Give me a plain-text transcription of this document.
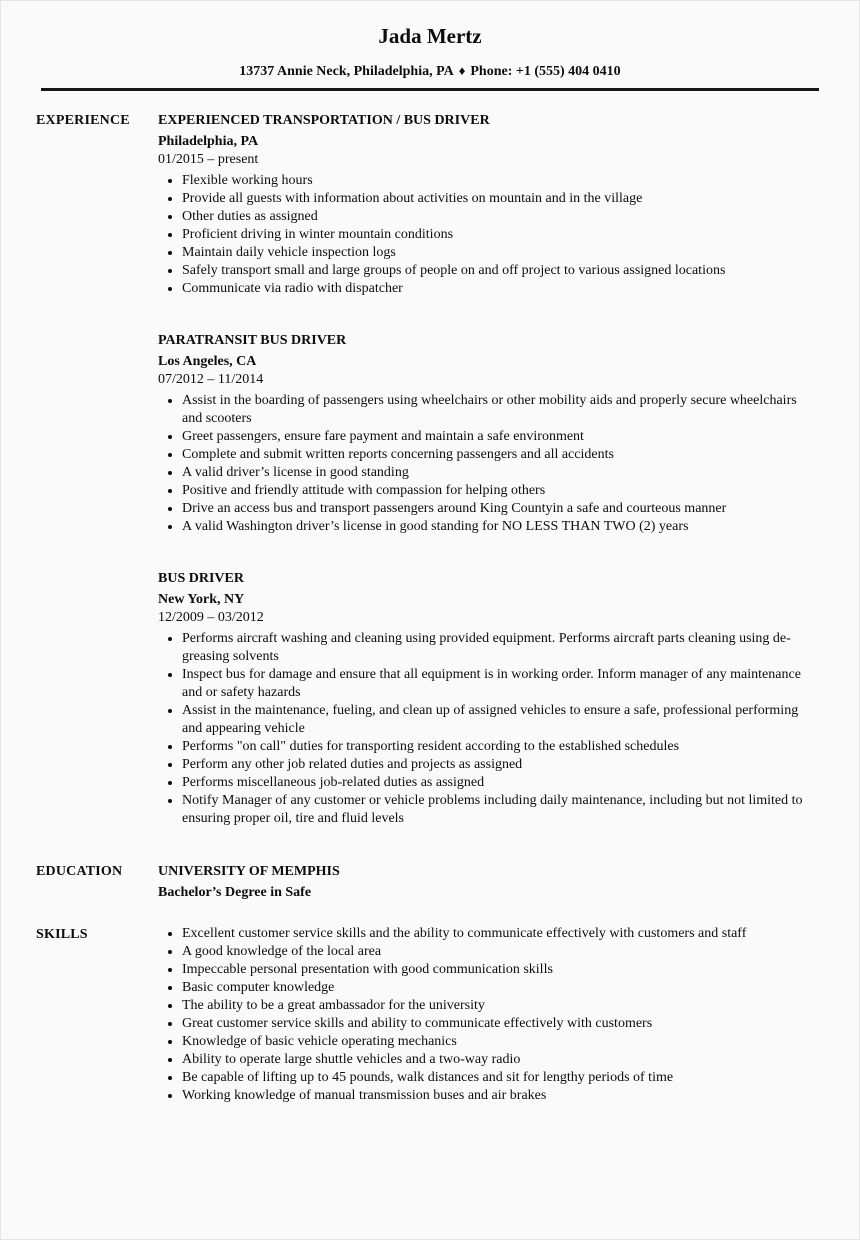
Jada Mertz
13737 Annie Neck, Philadelphia, PA ♦ Phone: +1 (555) 404 0410
EXPERIENCE	EXPERIENCED TRANSPORTATION / BUS DRIVER
Philadelphia, PA
01/2015 – present
• Flexible working hours
• Provide all guests with information about activities on mountain and in the village
• Other duties as assigned
• Proficient driving in winter mountain conditions
• Maintain daily vehicle inspection logs
• Safely transport small and large groups of people on and off project to various assigned locations
• Communicate via radio with dispatcher
PARATRANSIT BUS DRIVER
Los Angeles, CA
07/2012 – 11/2014
• Assist in the boarding of passengers using wheelchairs or other mobility aids and properly secure wheelchairs and scooters
• Greet passengers, ensure fare payment and maintain a safe environment
• Complete and submit written reports concerning passengers and all accidents
• A valid driver’s license in good standing
• Positive and friendly attitude with compassion for helping others
• Drive an access bus and transport passengers around King Countyin a safe and courteous manner
• A valid Washington driver’s license in good standing for NO LESS THAN TWO (2) years
BUS DRIVER
New York, NY
12/2009 – 03/2012
• Performs aircraft washing and cleaning using provided equipment. Performs aircraft parts cleaning using de-greasing solvents
• Inspect bus for damage and ensure that all equipment is in working order. Inform manager of any maintenance and or safety hazards
• Assist in the maintenance, fueling, and clean up of assigned vehicles to ensure a safe, professional performing and appearing vehicle
• Performs "on call" duties for transporting resident according to the established schedules
• Perform any other job related duties and projects as assigned
• Performs miscellaneous job-related duties as assigned
• Notify Manager of any customer or vehicle problems including daily maintenance, including but not limited to ensuring proper oil, tire and fluid levels
EDUCATION	UNIVERSITY OF MEMPHIS
Bachelor’s Degree in Safe
SKILLS	• Excellent customer service skills and the ability to communicate effectively with customers and staff
• A good knowledge of the local area
• Impeccable personal presentation with good communication skills
• Basic computer knowledge
• The ability to be a great ambassador for the university
• Great customer service skills and ability to communicate effectively with customers
• Knowledge of basic vehicle operating mechanics
• Ability to operate large shuttle vehicles and a two-way radio
• Be capable of lifting up to 45 pounds, walk distances and sit for lengthy periods of time
• Working knowledge of manual transmission buses and air brakes
